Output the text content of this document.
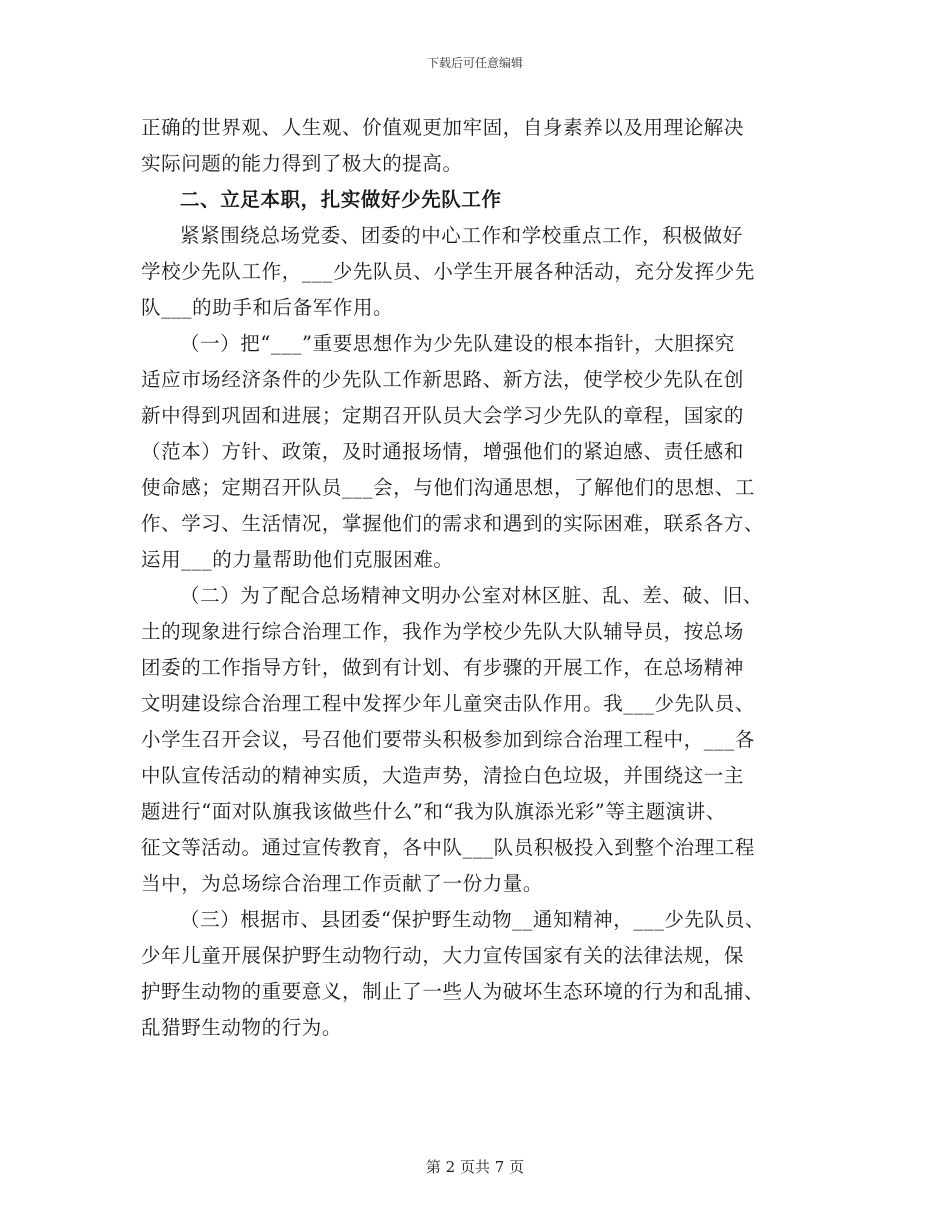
下载后可任意编辑
正确的世界观、人生观、价值观更加牢固，自身素养以及用理论解决
实际问题的能力得到了极大的提高。
二、立足本职，扎实做好少先队工作
紧紧围绕总场党委、团委的中心工作和学校重点工作，积极做好
学校少先队工作，___少先队员、小学生开展各种活动，充分发挥少先
队___的助手和后备军作用。
（一）把“___”重要思想作为少先队建设的根本指针，大胆探究
适应市场经济条件的少先队工作新思路、新方法，使学校少先队在创
新中得到巩固和进展；定期召开队员大会学习少先队的章程，国家的
（范本）方针、政策，及时通报场情，增强他们的紧迫感、责任感和
使命感；定期召开队员___会，与他们沟通思想，了解他们的思想、工
作、学习、生活情况，掌握他们的需求和遇到的实际困难，联系各方、
运用___的力量帮助他们克服困难。
（二）为了配合总场精神文明办公室对林区脏、乱、差、破、旧、
土的现象进行综合治理工作，我作为学校少先队大队辅导员，按总场
团委的工作指导方针，做到有计划、有步骤的开展工作，在总场精神
文明建设综合治理工程中发挥少年儿童突击队作用。我___少先队员、
小学生召开会议，号召他们要带头积极参加到综合治理工程中，___各
中队宣传活动的精神实质，大造声势，清捡白色垃圾，并围绕这一主
题进行“面对队旗我该做些什么”和“我为队旗添光彩”等主题演讲、
征文等活动。通过宣传教育，各中队___队员积极投入到整个治理工程
当中，为总场综合治理工作贡献了一份力量。
（三）根据市、县团委“保护野生动物__通知精神，___少先队员、
少年儿童开展保护野生动物行动，大力宣传国家有关的法律法规，保
护野生动物的重要意义，制止了一些人为破坏生态环境的行为和乱捕、
乱猎野生动物的行为。
第 2 页共 7 页
